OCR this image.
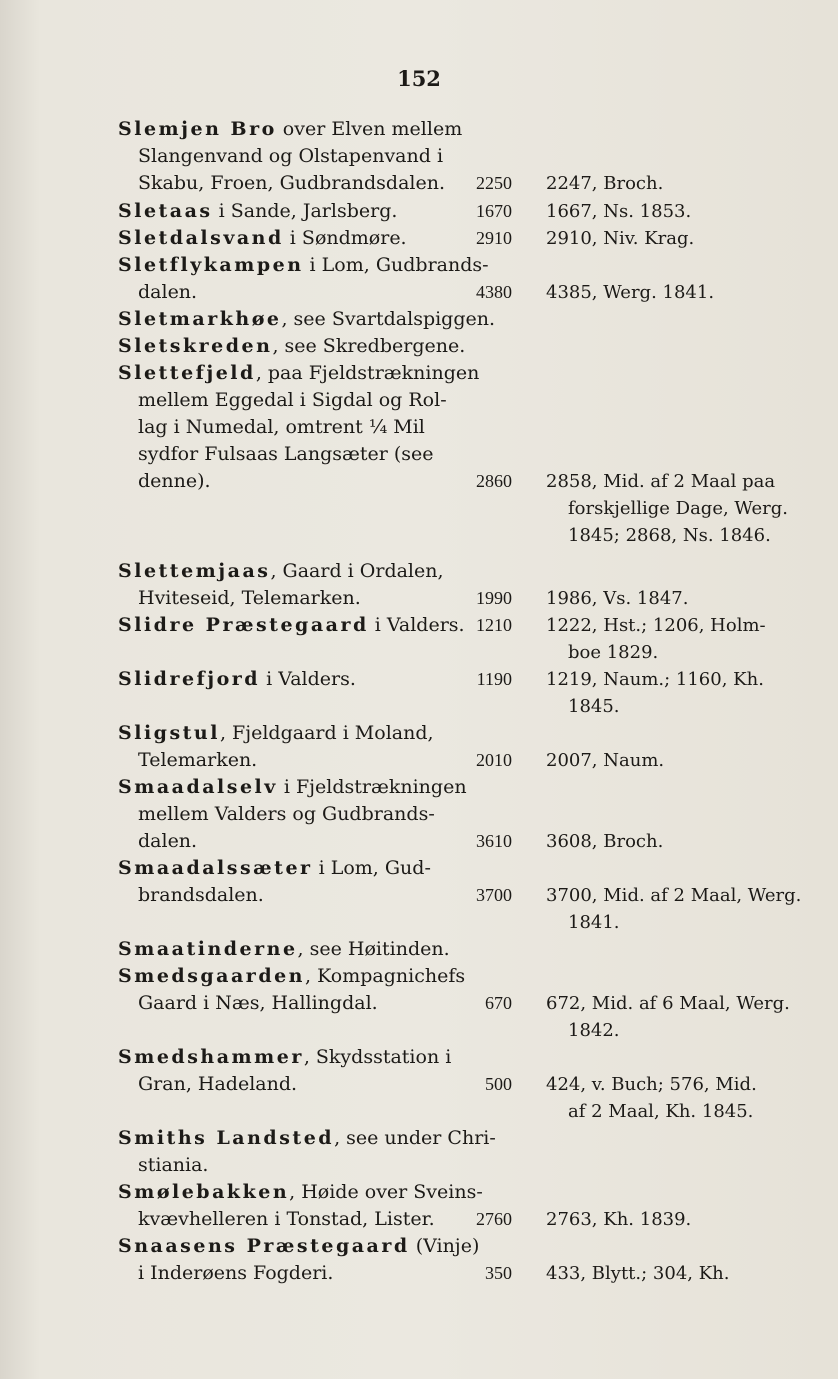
152
Slemjen Bro over Elven mellem
Slangenvand og Olstapenvand i
Skabu, Froen, Gudbrandsdalen.	2250 2247, Broch.
Sletaas i Sande, Jarlsberg.	1670 1667, Ns. 1853.
Sletdalsvand i Søndmøre.	2910 2910, Niv. Krag.
Sletflykampen i Lom, Gudbrands-
dalen.	4380 4385, Werg. 1841.
Sletmarkhøe, see Svartdalspiggen.
Sletskreden, see Skredbergene.
Slettefjeld, paa Fjeldstrækningen
mellem Eggedal i Sigdal og Rol-
lag i Numedal, omtrent ¼ Mil
sydfor Fulsaas Langsæter (see
denne).	2860 2858, Mid. af 2 Maal paa
forskjellige Dage, Werg.
1845; 2868, Ns. 1846.
Slettemjaas, Gaard i Ordalen,
Hviteseid, Telemarken.	1990 1986, Vs. 1847.
Slidre Præstegaard i Valders. 1210 1222, Hst.; 1206, Holm-
boe 1829.
Slidrefjord i Valders.	1190 1219, Naum.; 1160, Kh.
1845.
Sligstul, Fjeldgaard i Moland,
Telemarken.	2010 2007, Naum.
Smaadalselv i Fjeldstrækningen
mellem Valders og Gudbrands-
dalen.	3610 3608, Broch.
Smaadalssæter i Lom, Gud-
brandsdalen.	3700 3700, Mid. af 2 Maal, Werg.
1841.
Smaatinderne, see Høitinden.
Smedsgaarden, Kompagnichefs
Gaard i Næs, Hallingdal.	670 672, Mid. af 6 Maal, Werg.
1842.
Smedshammer, Skydsstation i
Gran, Hadeland.	500 424, v. Buch; 576, Mid.
af 2 Maal, Kh. 1845.
Smiths Landsted, see under Chri-
stiania.
Smølebakken, Høide over Sveins-
kvævhelleren i Tonstad, Lister.	2760 2763, Kh. 1839.
Snaasens Præstegaard (Vinje)
i Inderøens Fogderi.	350 433, Blytt.; 304, Kh.
